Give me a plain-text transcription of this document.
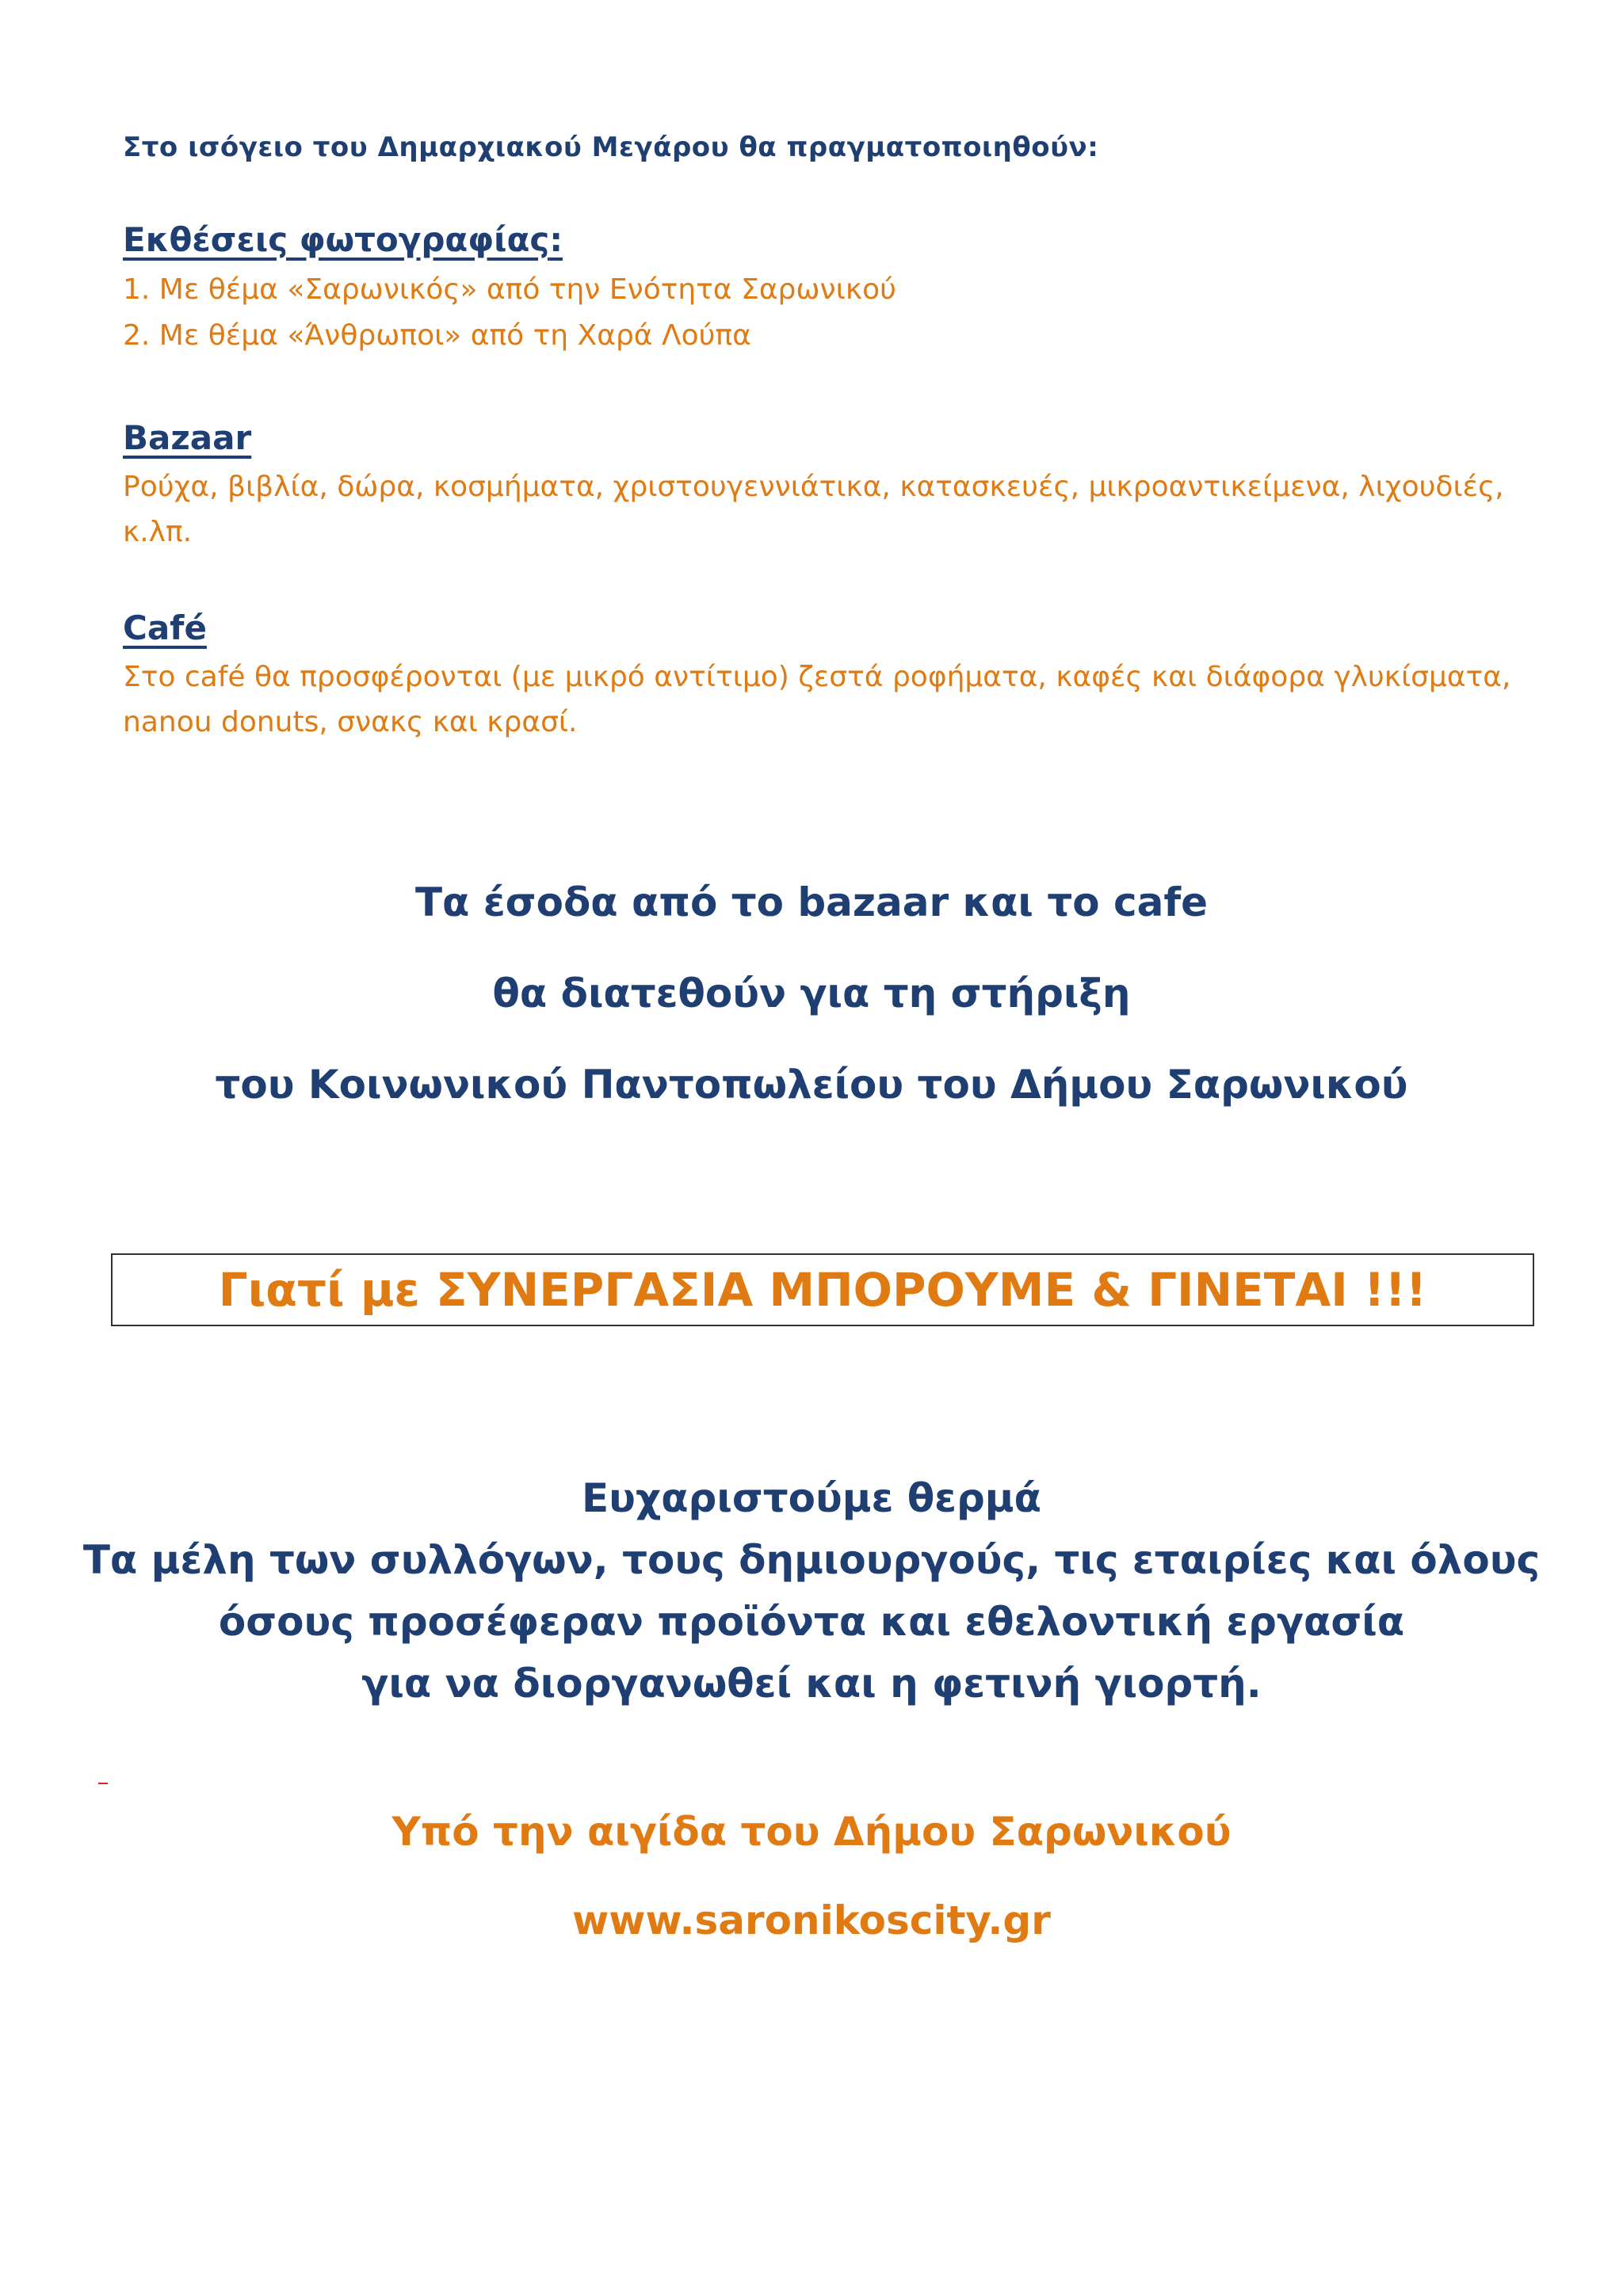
Στο ισόγειο του Δημαρχιακού Μεγάρου θα πραγματοποιηθούν:
Εκθέσεις φωτογραφίας:
1. Με θέμα «Σαρωνικός» από την Ενότητα Σαρωνικού
2. Με θέμα «Άνθρωποι» από τη Χαρά Λούπα
Bazaar
Ρούχα, βιβλία, δώρα, κοσμήματα, χριστουγεννιάτικα, κατασκευές, μικροαντικείμενα, λιχουδιές,
κ.λπ.
Café
Στο café θα προσφέρονται (με μικρό αντίτιμο) ζεστά ροφήματα, καφές και διάφορα γλυκίσματα,
nanou donuts, σνακς και κρασί.
Τα έσοδα από το bazaar και το cafe
θα διατεθούν για τη στήριξη
του Κοινωνικού Παντοπωλείου του Δήμου Σαρωνικού
Γιατί με ΣΥΝΕΡΓΑΣΙΑ ΜΠΟΡΟΥΜΕ & ΓΙΝΕΤΑΙ !!!
Ευχαριστούμε θερμά
Τα μέλη των συλλόγων, τους δημιουργούς, τις εταιρίες και όλους
όσους προσέφεραν προϊόντα και εθελοντική εργασία
για να διοργανωθεί και η φετινή γιορτή.
Υπό την αιγίδα του Δήμου Σαρωνικού
www.saronikoscity.gr
